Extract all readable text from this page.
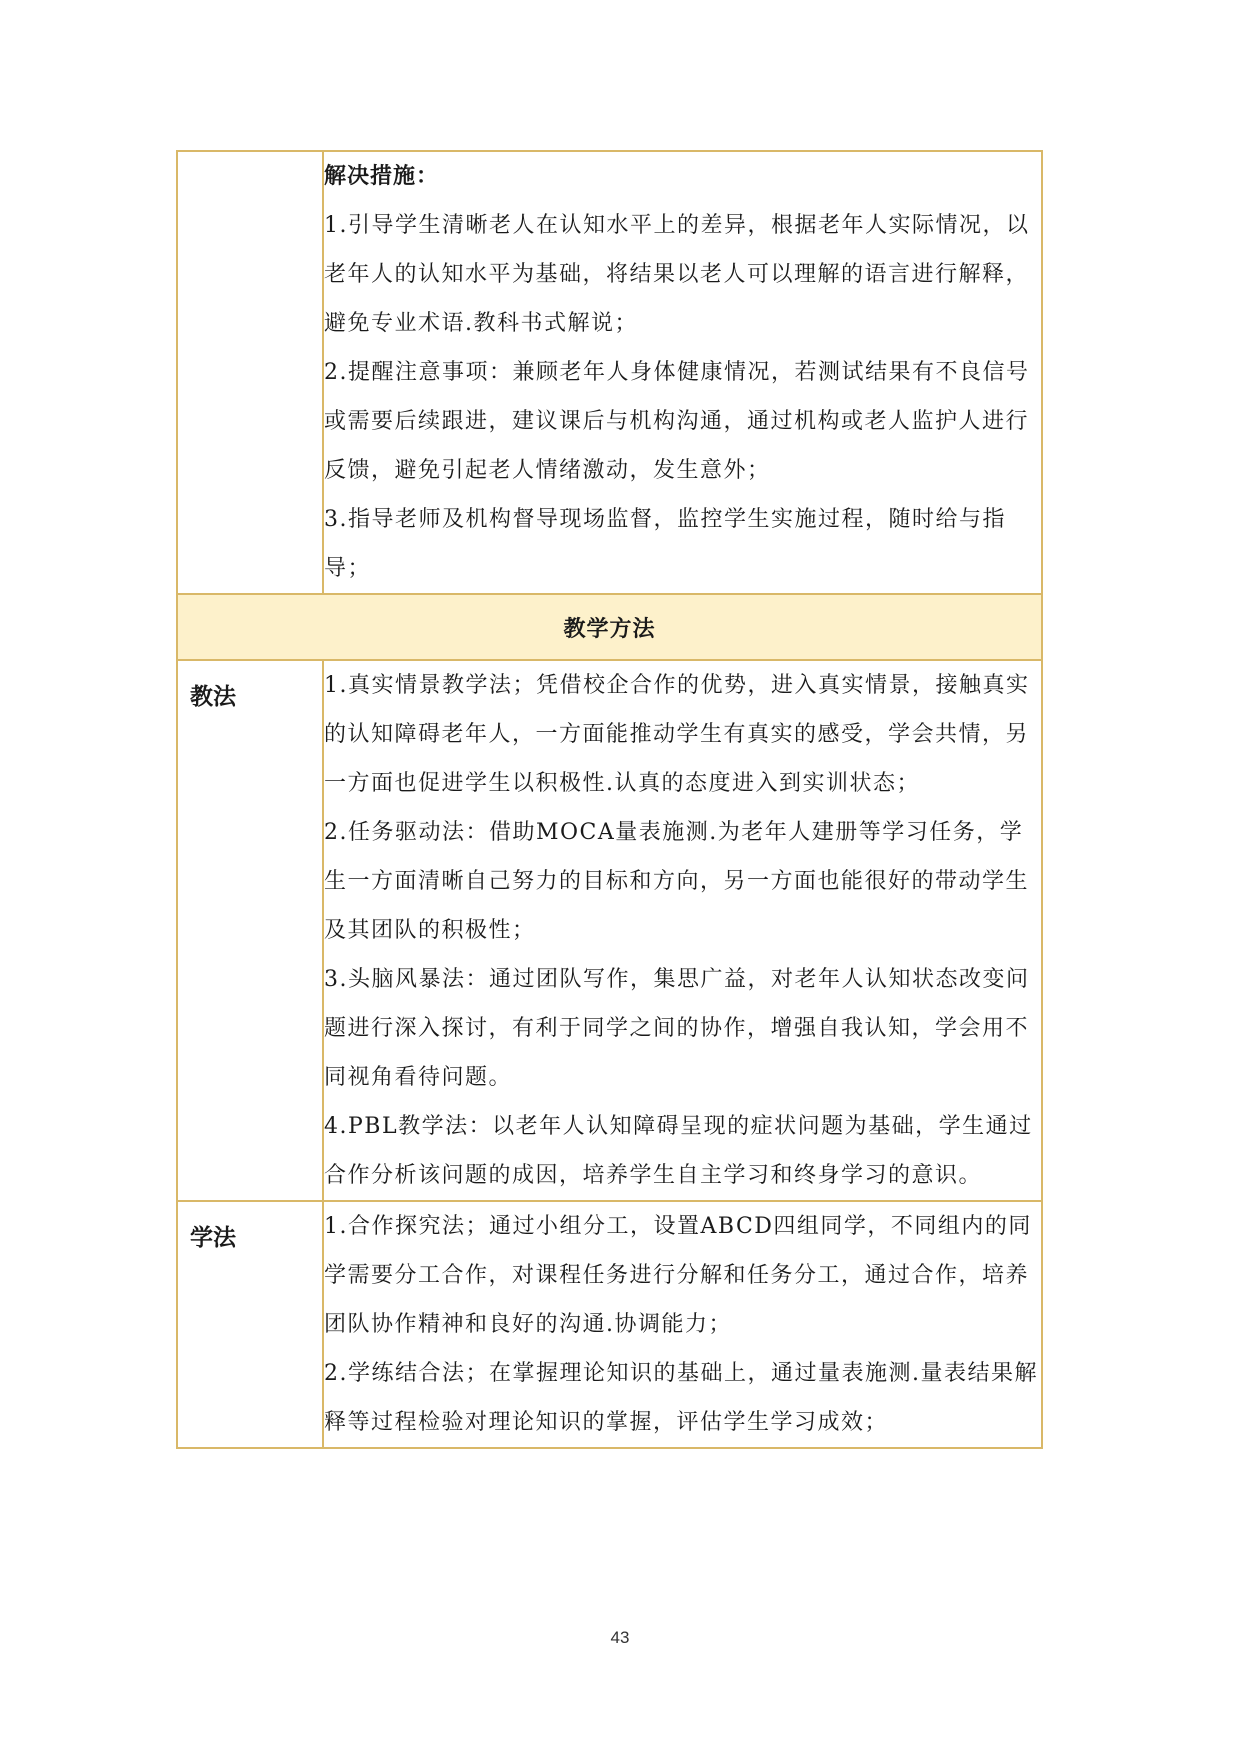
	解决措施：

1.引导学生清晰老人在认知水平上的差异，根据老年人实际情况，以老年人的认知水平为基础，将结果以老人可以理解的语言进行解释，避免专业术语.教科书式解说；

2.提醒注意事项：兼顾老年人身体健康情况，若测试结果有不良信号或需要后续跟进，建议课后与机构沟通，通过机构或老人监护人进行反馈，避免引起老人情绪激动，发生意外；

3.指导老师及机构督导现场监督，监控学生实施过程，随时给与指导；

教学方法	

教法	1.真实情景教学法；凭借校企合作的优势，进入真实情景，接触真实的认知障碍老年人，一方面能推动学生有真实的感受，学会共情，另一方面也促进学生以积极性.认真的态度进入到实训状态；

2.任务驱动法：借助MOCA量表施测.为老年人建册等学习任务，学生一方面清晰自己努力的目标和方向，另一方面也能很好的带动学生及其团队的积极性；

3.头脑风暴法：通过团队写作，集思广益，对老年人认知状态改变问题进行深入探讨，有利于同学之间的协作，增强自我认知，学会用不同视角看待问题。

4.PBL教学法：以老年人认知障碍呈现的症状问题为基础，学生通过合作分析该问题的成因，培养学生自主学习和终身学习的意识。

学法	1.合作探究法；通过小组分工，设置ABCD四组同学，不同组内的同学需要分工合作，对课程任务进行分解和任务分工，通过合作，培养团队协作精神和良好的沟通.协调能力；

2.学练结合法；在掌握理论知识的基础上，通过量表施测.量表结果解释等过程检验对理论知识的掌握，评估学生学习成效；

43
